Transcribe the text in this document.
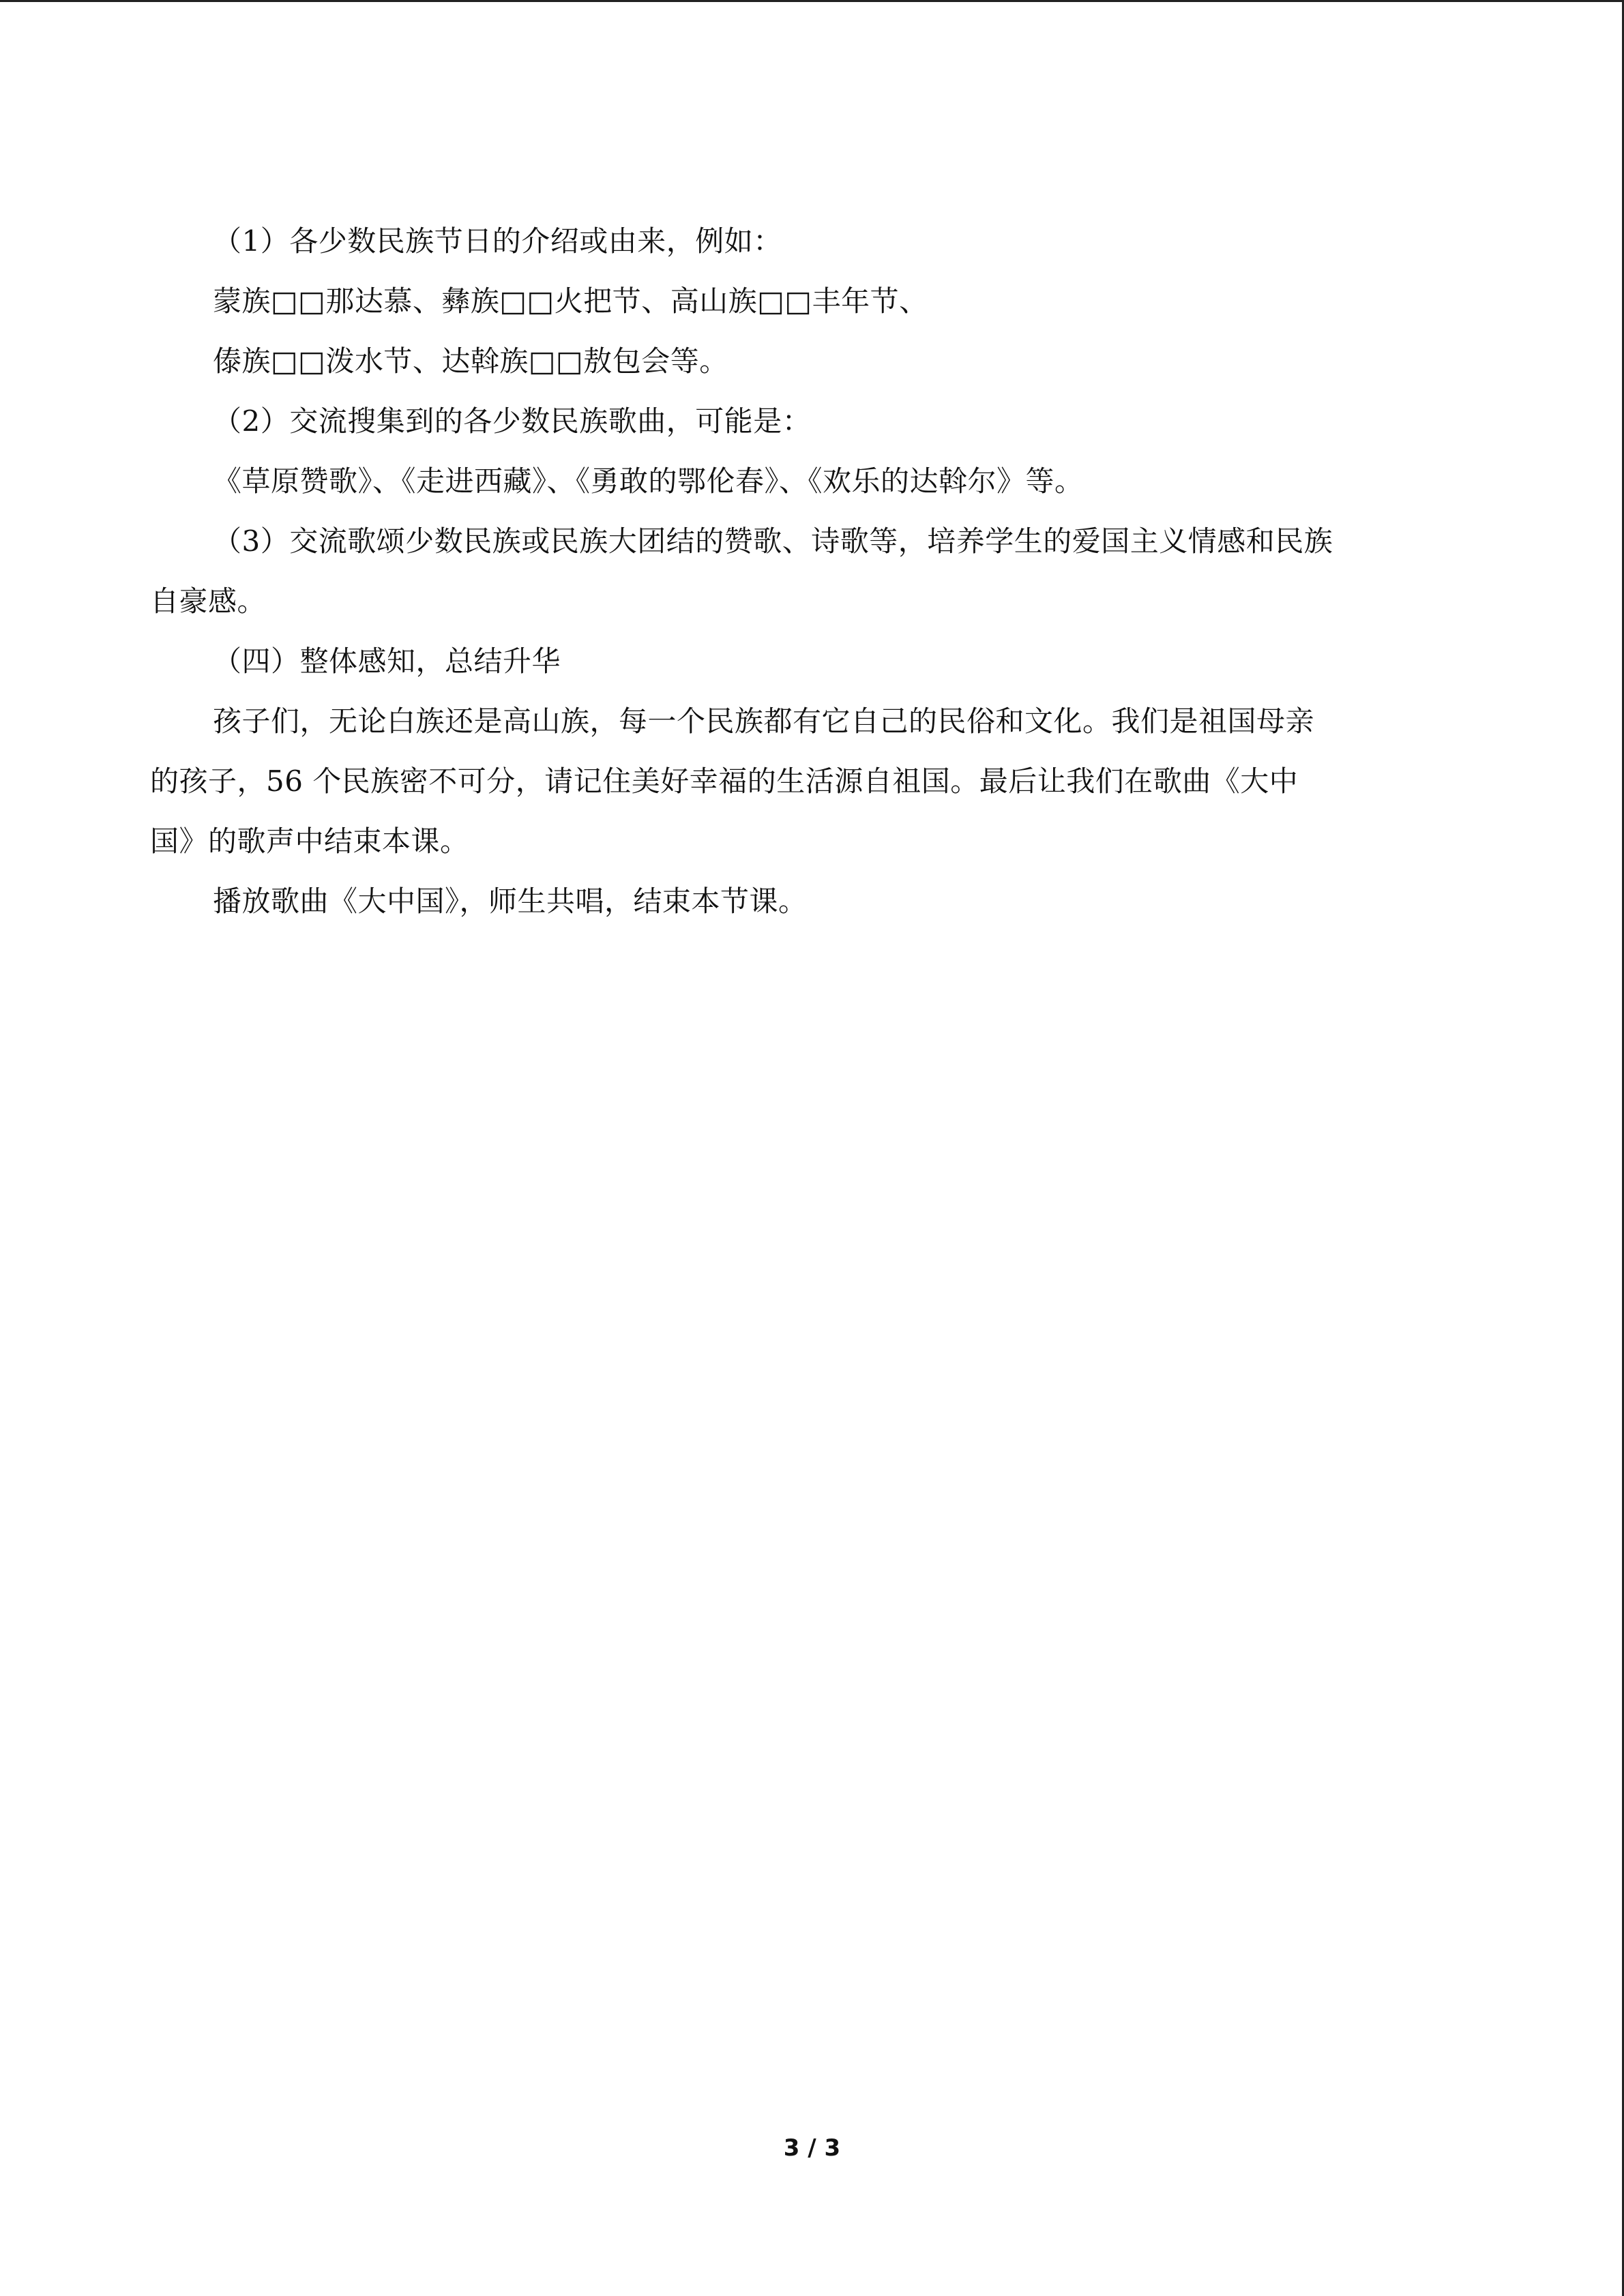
（1）各少数民族节日的介绍或由来，例如：
蒙族□□那达慕、彝族□□火把节、高山族□□丰年节、
傣族□□泼水节、达斡族□□敖包会等。
（2）交流搜集到的各少数民族歌曲，可能是：
《草原赞歌》、《走进西藏》、《勇敢的鄂伦春》、《欢乐的达斡尔》等。
（3）交流歌颂少数民族或民族大团结的赞歌、诗歌等，培养学生的爱国主义情感和民族
自豪感。
（四）整体感知，总结升华
孩子们，无论白族还是高山族，每一个民族都有它自己的民俗和文化。我们是祖国母亲
的孩子，56 个民族密不可分，请记住美好幸福的生活源自祖国。最后让我们在歌曲《大中
国》的歌声中结束本课。
播放歌曲《大中国》，师生共唱，结束本节课。
3 / 3
